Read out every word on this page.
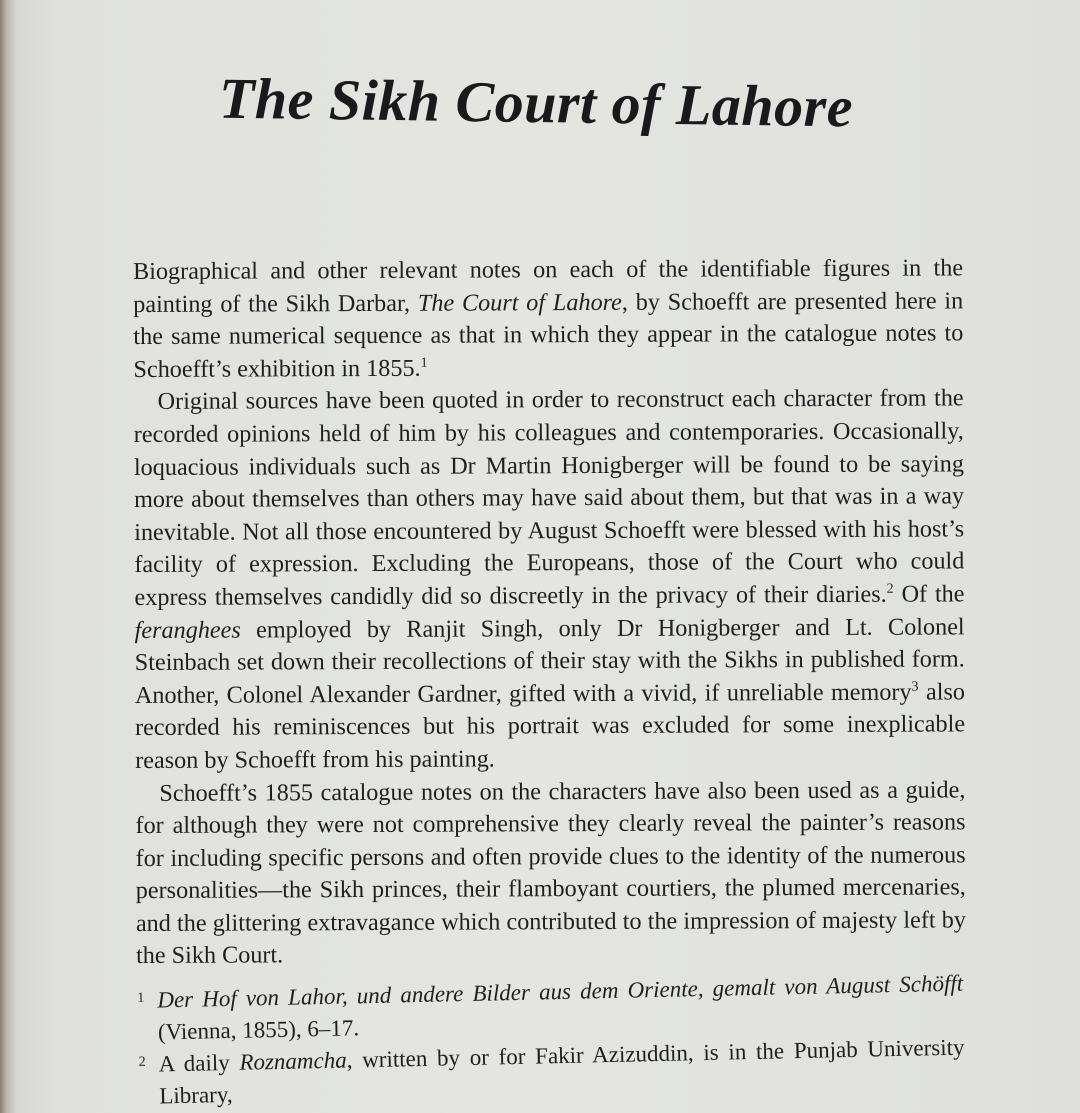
The Sikh Court of Lahore

Biographical and other relevant notes on each of the identifiable figures in the painting of the Sikh Darbar, The Court of Lahore, by Schoefft are presented here in the same numerical sequence as that in which they appear in the catalogue notes to Schoefft’s exhibition in 1855.$^1$

Original sources have been quoted in order to reconstruct each character from the recorded opinions held of him by his colleagues and contemporaries. Occasionally, loquacious individuals such as Dr Martin Honigberger will be found to be saying more about themselves than others may have said about them, but that was in a way inevitable. Not all those encountered by August Schoefft were blessed with his host’s facility of expression. Excluding the Europeans, those of the Court who could express themselves candidly did so discreetly in the privacy of their diaries.$^2$ Of the feranghees employed by Ranjit Singh, only Dr Honigberger and Lt. Colonel Steinbach set down their recollections of their stay with the Sikhs in published form. Another, Colonel Alexander Gardner, gifted with a vivid, if unreliable memory$^3$ also recorded his reminiscences but his portrait was excluded for some inexplicable reason by Schoefft from his painting.

Schoefft’s 1855 catalogue notes on the characters have also been used as a guide, for although they were not comprehensive they clearly reveal the painter’s reasons for including specific persons and often provide clues to the identity of the numerous personalities—the Sikh princes, their flamboyant courtiers, the plumed mercenaries, and the glittering extravagance which contributed to the impression of majesty left by the Sikh Court.

1 Der Hof von Lahor, und andere Bilder aus dem Oriente, gemalt von August Schöfft (Vienna, 1855), 6–17.
2 A daily Roznamcha, written by or for Fakir Azizuddin, is in the Punjab University Library,
